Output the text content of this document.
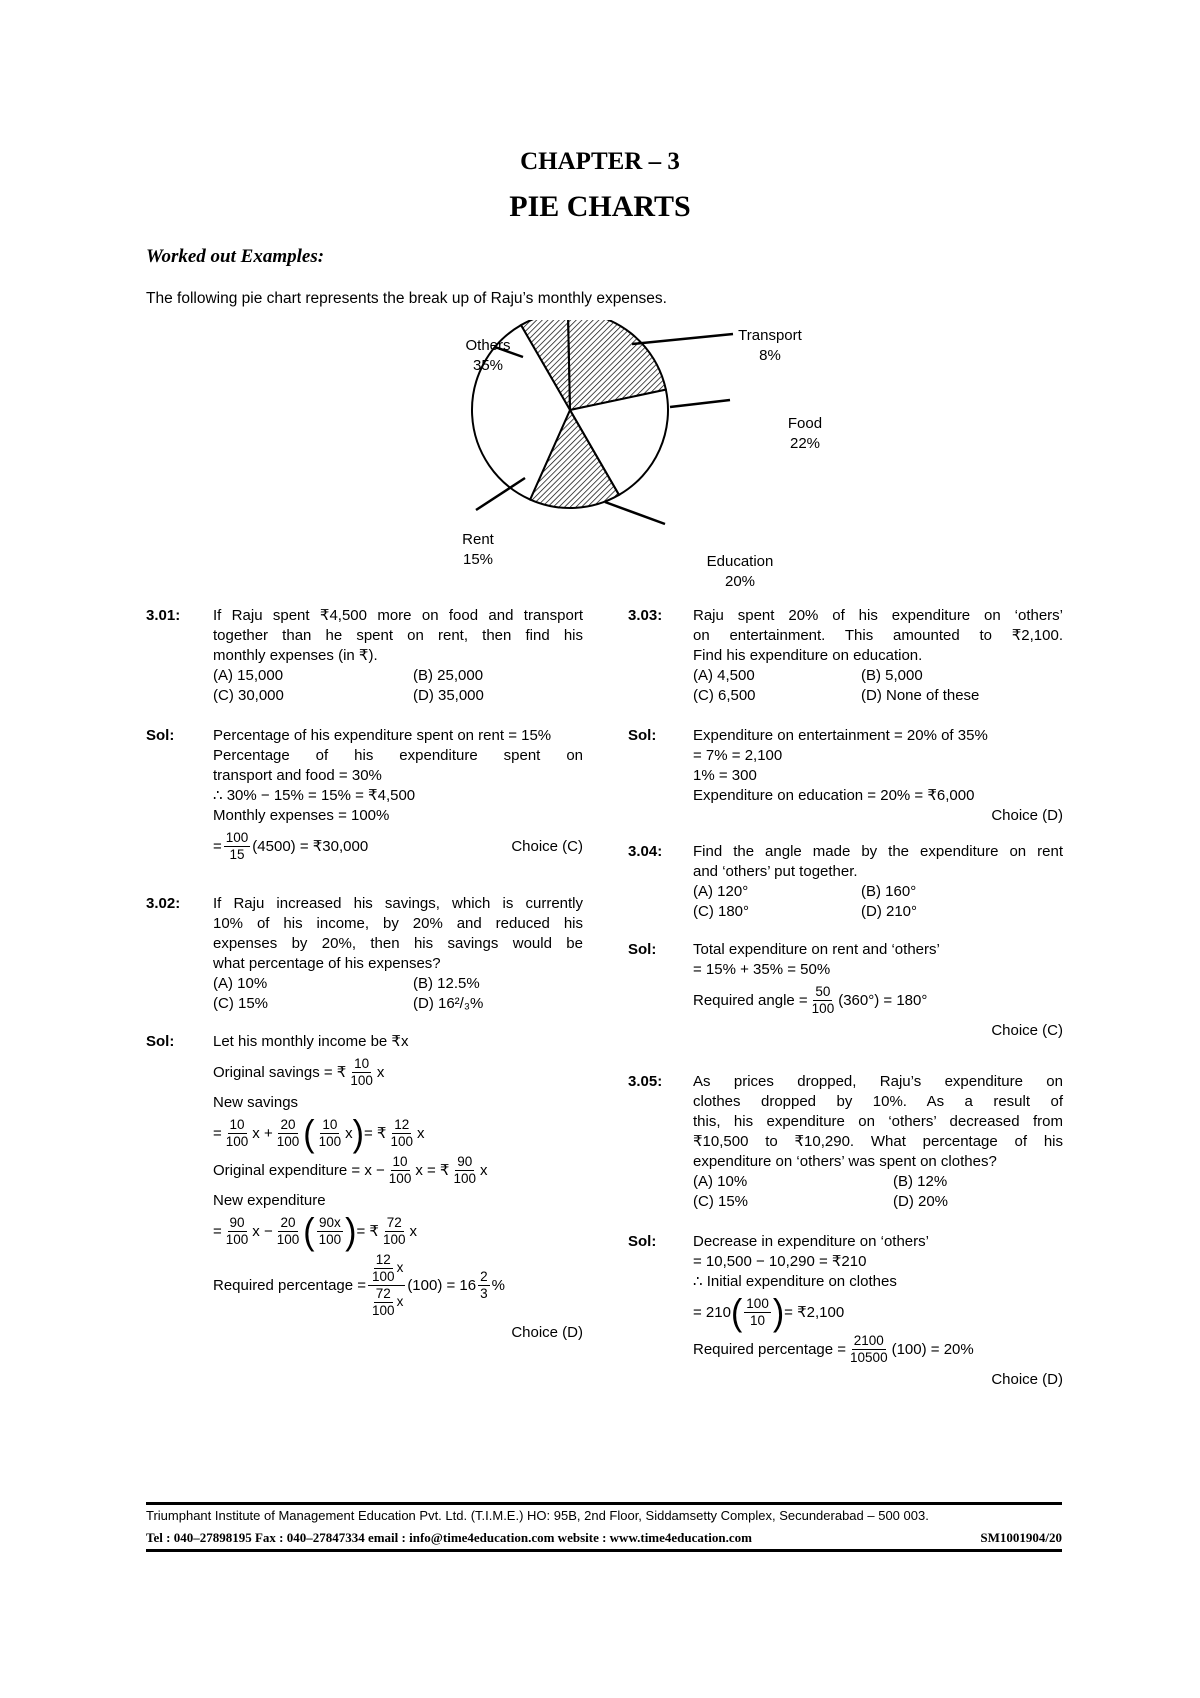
CHAPTER – 3
PIE CHARTS
Worked out Examples:
The following pie chart represents the break up of Raju’s monthly expenses.
Others
35%
Transport
8%
Food
22%
Education
20%
Rent
15%
3.01: If Raju spent ₹4,500 more on food and transport
together than he spent on rent, then find his
monthly expenses (in ₹).
(A) 15,000	(B) 25,000
(C) 30,000	(D) 35,000
Sol:	Percentage of his expenditure spent on rent = 15%
Percentage of his expenditure spent on
transport and food = 30%
∴ 30% − 15% = 15% = ₹4,500
Monthly expenses = 100%
= $\frac{100}{15} (4500)$ = ₹30,000	Choice (C)
3.02: If Raju increased his savings, which is currently
10% of his income, by 20% and reduced his
expenses by 20%, then his savings would be
what percentage of his expenses?
(A) 10%	(B) 12.5%
(C) 15%	(D) 16²/₃%
Sol:	Let his monthly income be ₹x
Original savings = ₹ $\frac{10}{100}$ x
New savings
= $\frac{10}{100}$ $x + \frac{20}{100}$ ( $\frac{10}{100}$ x ) = ₹ $\frac{12}{100}$ x
Original expenditure = $x - \frac{10}{100}$ x = ₹ $\frac{90}{100}$ x
New expenditure
= $\frac{90}{100}$ $x - \frac{20}{100}$ ( $\frac{90x}{100}$ ) = ₹ $\frac{72}{100}$ x
Required percentage = $\frac{\frac{12}{100} x}{\frac{72}{100} x} (100) = 16 \frac{2}{3}$ %
Choice (D)
3.03: Raju spent 20% of his expenditure on ‘others’
on entertainment. This amounted to ₹2,100.
Find his expenditure on education.
(A) 4,500	(B) 5,000
(C) 6,500	(D) None of these
Sol: Expenditure on entertainment = 20% of 35%
= 7% = 2,100
1% = 300
Expenditure on education = 20% = ₹6,000
Choice (D)
3.04: Find the angle made by the expenditure on rent
and ‘others’ put together.
(A) 120°	(B) 160°
(C) 180°	(D) 210°
Sol: Total expenditure on rent and ‘others’
= 15% + 35% = 50%
Required angle = $\frac{50}{100} (360^\circ) = 180^\circ$
Choice (C)
3.05: As prices dropped, Raju’s expenditure on
clothes dropped by 10%. As a result of
this, his expenditure on ‘others’ decreased from
₹10,500 to ₹10,290. What percentage of his
expenditure on ‘others’ was spent on clothes?
(A) 10%	(B) 12%
(C) 15%	(D) 20%
Sol: Decrease in expenditure on ‘others’
= 10,500 − 10,290 = ₹210
∴ Initial expenditure on clothes
= 210 ( $\frac{100}{10}$ ) = ₹2,100
Required percentage = $\frac{2100}{10500} (100) = 20\%$
Choice (D)
Triumphant Institute of Management Education Pvt. Ltd. (T.I.M.E.) HO: 95B, 2nd Floor, Siddamsetty Complex, Secunderabad – 500 003.
Tel : 040–27898195 Fax : 040–27847334 email : info@time4education.com website : www.time4education.com	SM1001904/20
